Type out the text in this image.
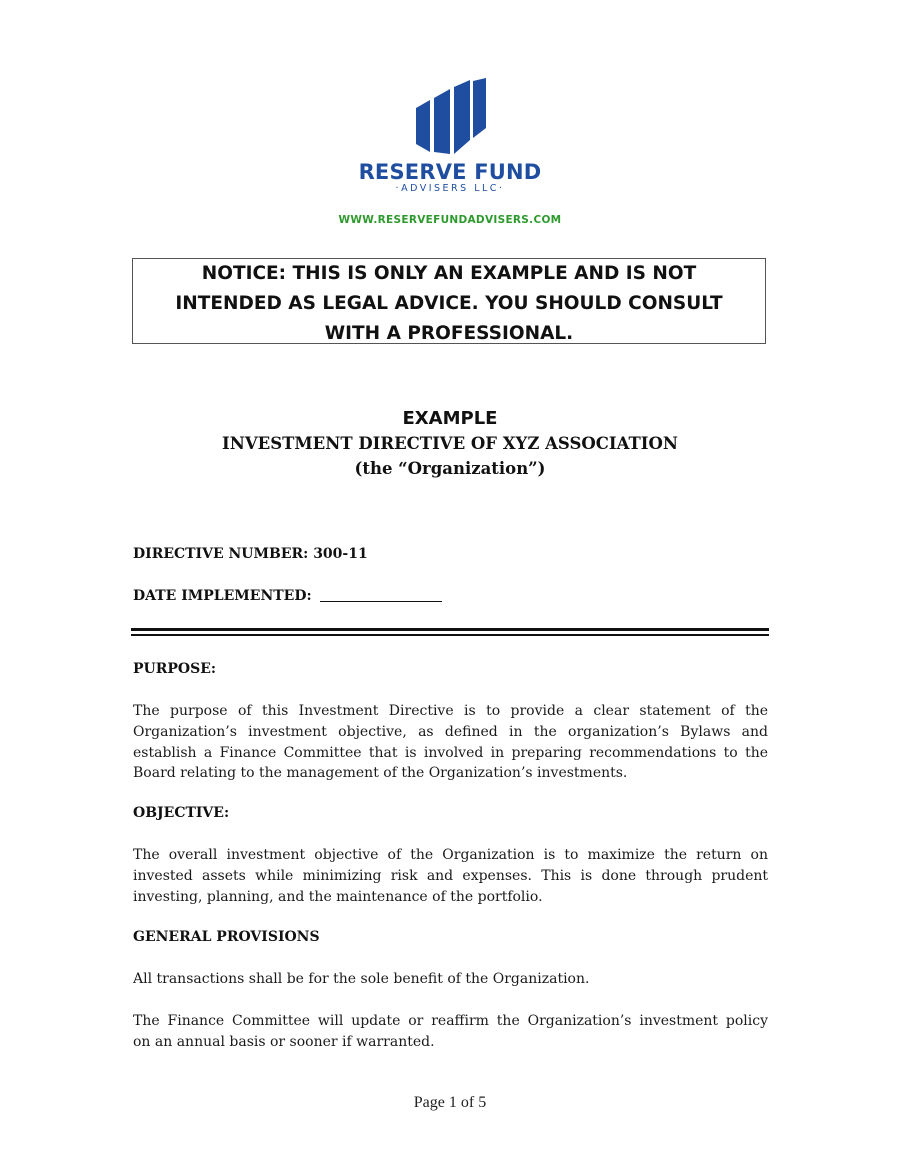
RESERVE FUND
·ADVISERS LLC·
WWW.RESERVEFUNDADVISERS.COM
NOTICE: THIS IS ONLY AN EXAMPLE AND IS NOT
INTENDED AS LEGAL ADVICE. YOU SHOULD CONSULT
WITH A PROFESSIONAL.
EXAMPLE
INVESTMENT DIRECTIVE OF XYZ ASSOCIATION
(the “Organization”)
DIRECTIVE NUMBER: 300-11
DATE IMPLEMENTED:
PURPOSE:
The purpose of this Investment Directive is to provide a clear statement of the
Organization’s investment objective, as defined in the organization’s Bylaws and
establish a Finance Committee that is involved in preparing recommendations to the
Board relating to the management of the Organization’s investments.
OBJECTIVE:
The overall investment objective of the Organization is to maximize the return on
invested assets while minimizing risk and expenses. This is done through prudent
investing, planning, and the maintenance of the portfolio.
GENERAL PROVISIONS
All transactions shall be for the sole benefit of the Organization.
The Finance Committee will update or reaffirm the Organization’s investment policy
on an annual basis or sooner if warranted.
Page 1 of 5
